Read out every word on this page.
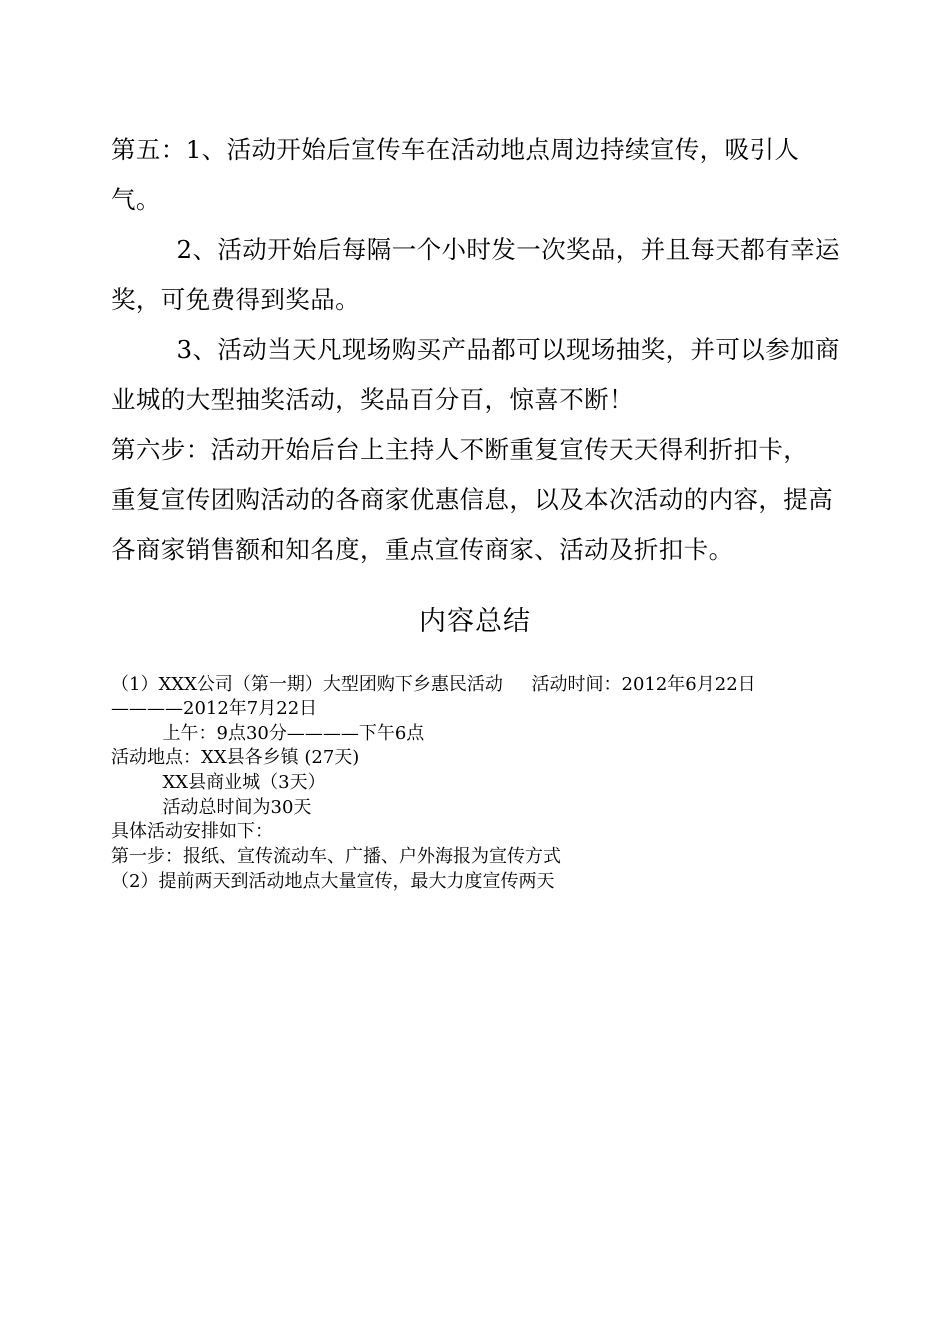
第五：1、活动开始后宣传车在活动地点周边持续宣传，吸引人
气。
2、活动开始后每隔一个小时发一次奖品，并且每天都有幸运
奖，可免费得到奖品。
3、活动当天凡现场购买产品都可以现场抽奖，并可以参加商
业城的大型抽奖活动，奖品百分百，惊喜不断！
第六步：活动开始后台上主持人不断重复宣传天天得利折扣卡，
重复宣传团购活动的各商家优惠信息，以及本次活动的内容，提高
各商家销售额和知名度，重点宣传商家、活动及折扣卡。
内容总结
（1）XXX公司（第一期）大型团购下乡惠民活动     活动时间：2012年6月22日
————2012年7月22日
上午：9点30分————下午6点
活动地点：XX县各乡镇 (27天)
XX县商业城（3天）
活动总时间为30天
具体活动安排如下：
第一步：报纸、宣传流动车、广播、户外海报为宣传方式
（2）提前两天到活动地点大量宣传，最大力度宣传两天
